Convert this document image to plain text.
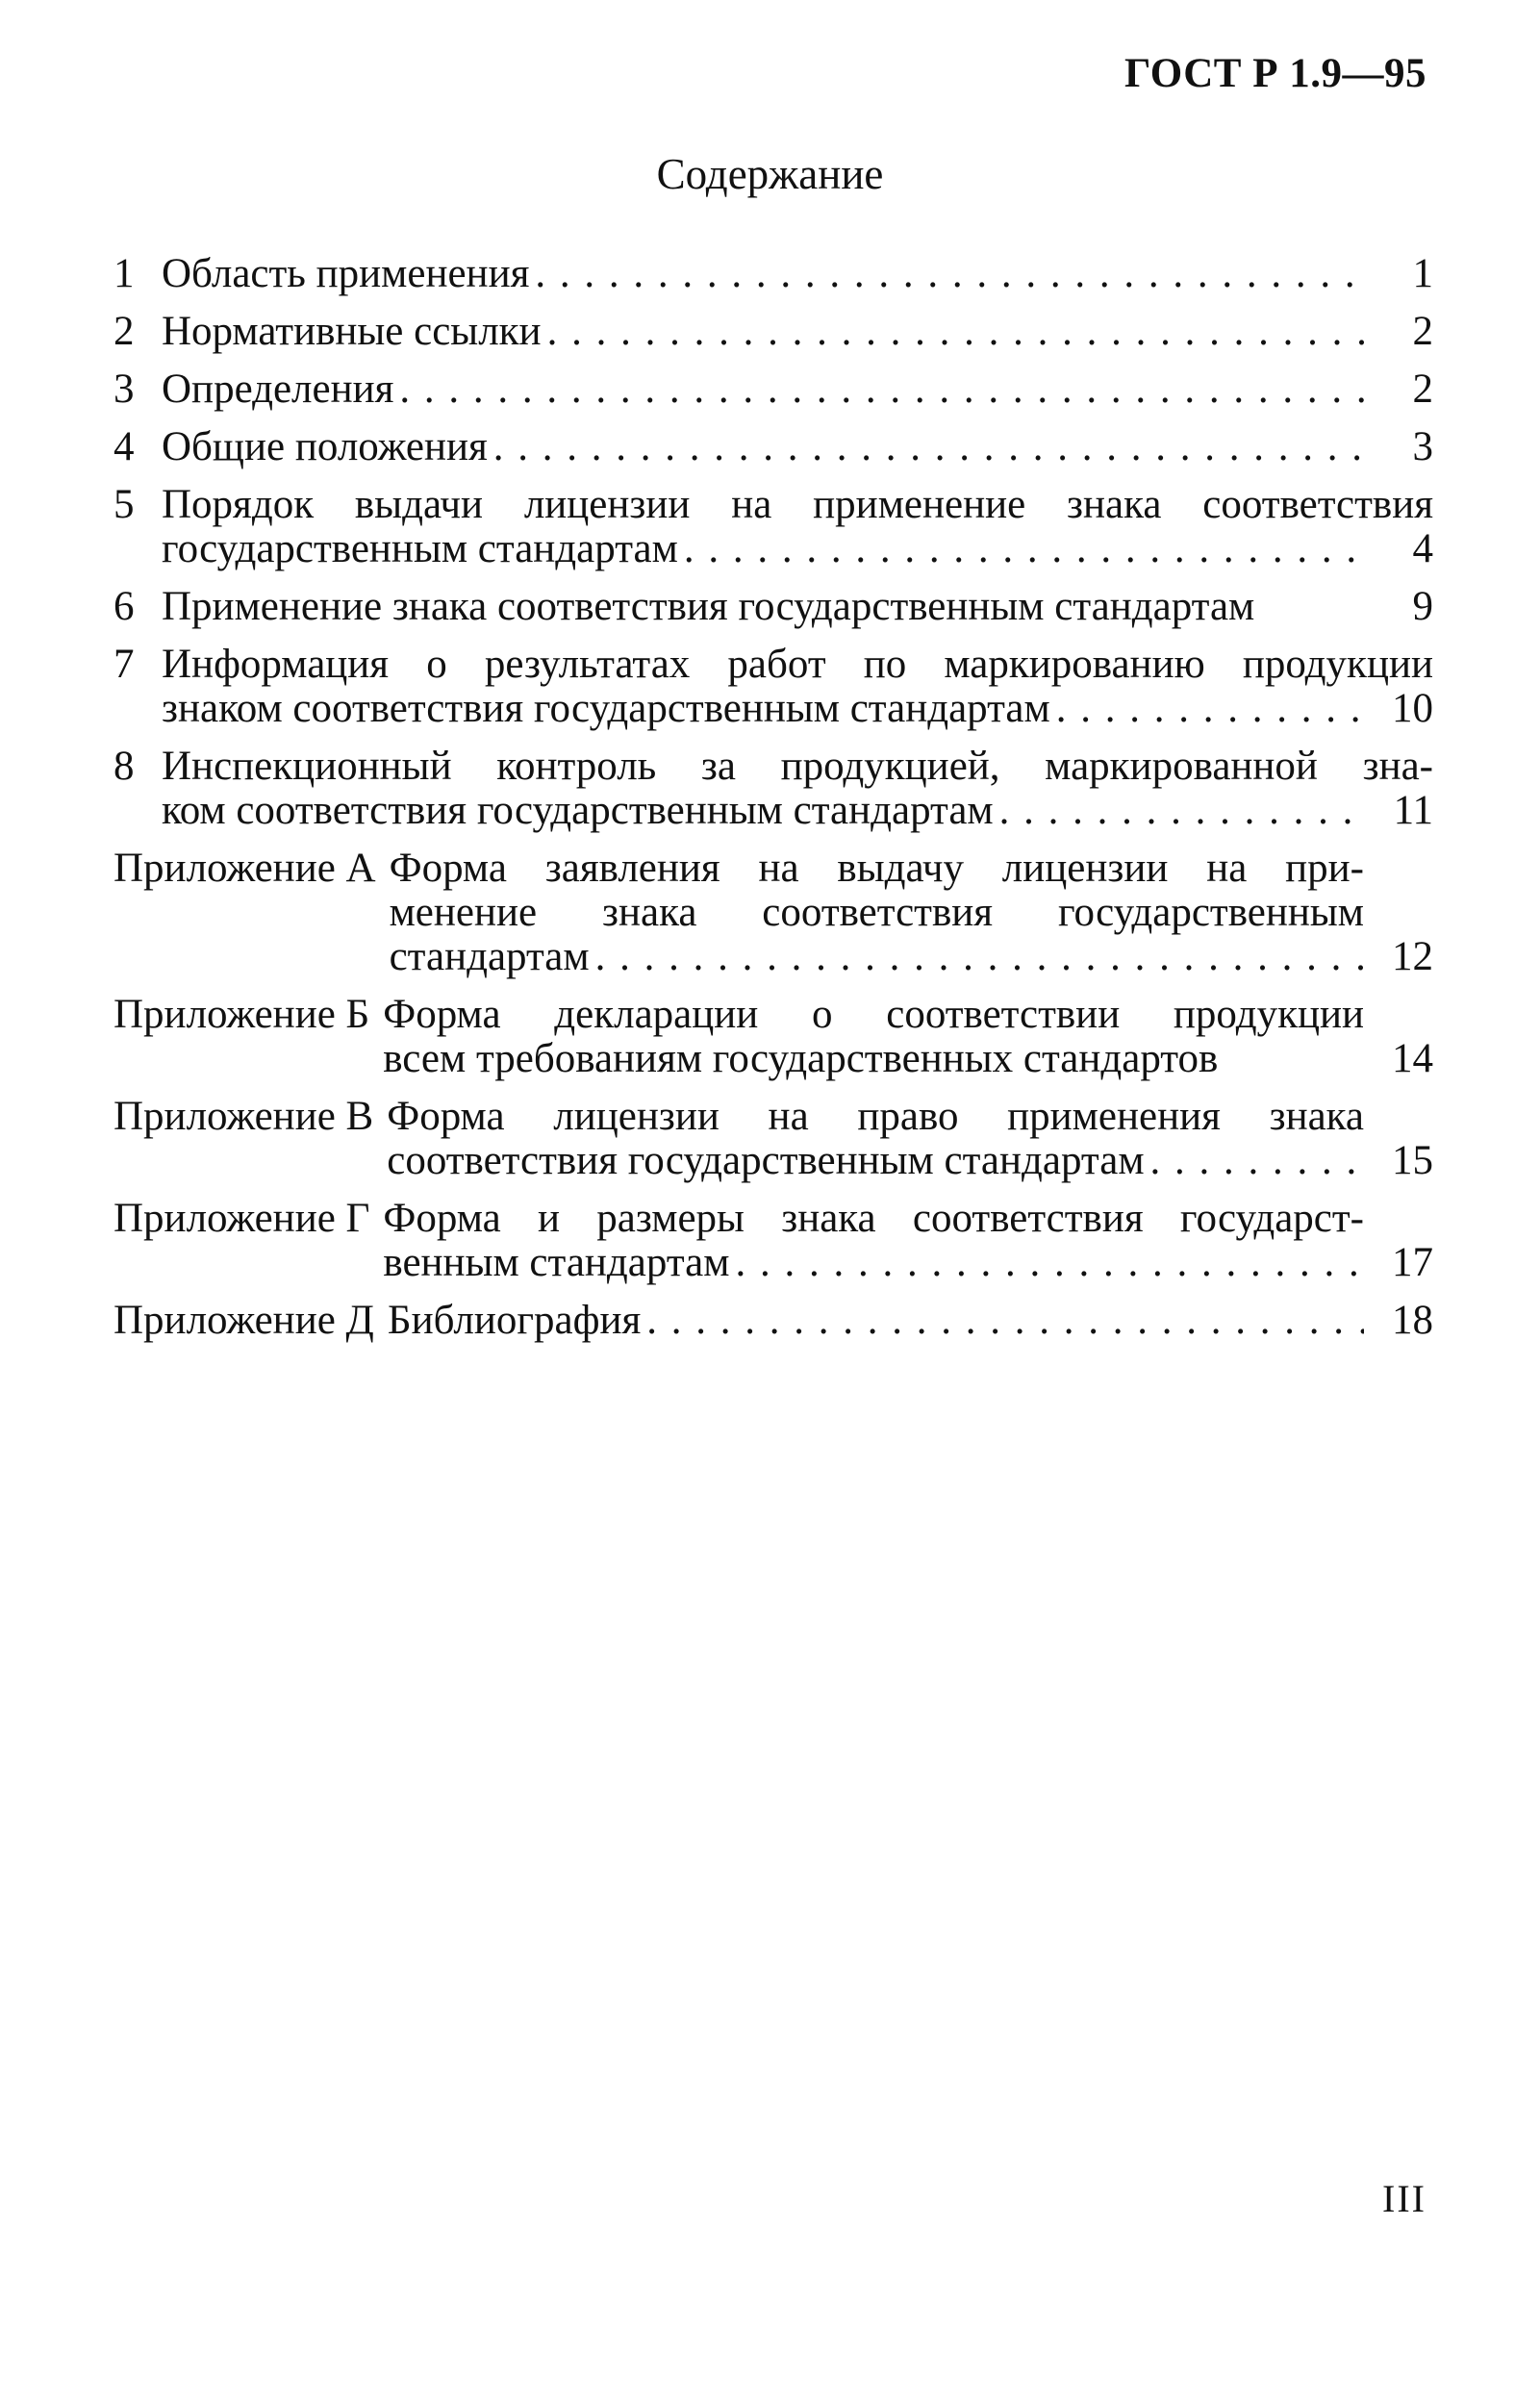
ГОСТ Р 1.9—95
Содержание
1 Область применения . . .	1
2 Нормативные ссылки . . .	2
3 Определения . . .	2
4 Общие положения . . .	3
5 Порядок выдачи лицензии на применение знака соответствия
государственным стандартам . . .	4
6 Применение знака соответствия государственным стандартам	9
7 Информация о результатах работ по маркированию продукции
знаком соответствия государственным стандартам . . .	10
8 Инспекционный контроль за продукцией, маркированной зна-
ком соответствия государственным стандартам . . .	11
Приложение А Форма заявления на выдачу лицензии на при-
менение знака соответствия государственным
стандартам . . .	12
Приложение Б Форма декларации о соответствии продукции
всем требованиям государственных стандартов	14
Приложение В Форма лицензии на право применения знака
соответствия государственным стандартам . . .	15
Приложение Г Форма и размеры знака соответствия государст-
венным стандартам . . .	17
Приложение Д Библиография . . .	18
III
